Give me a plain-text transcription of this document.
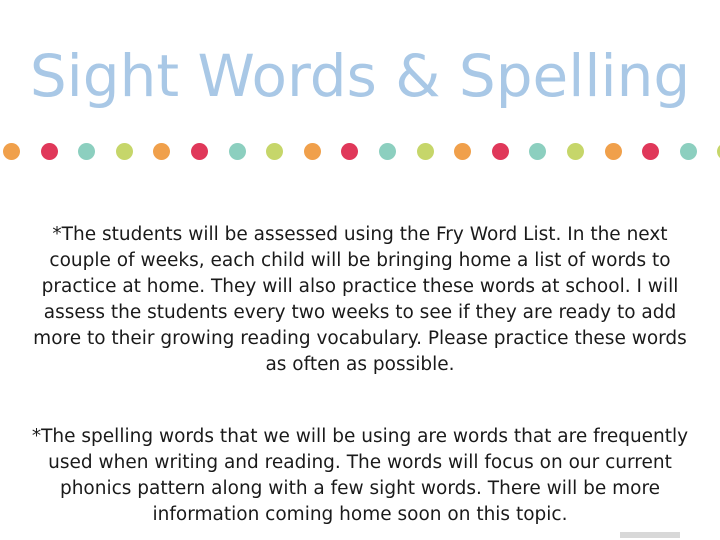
Sight Words & Spelling

*The students will be assessed using the Fry Word List. In the next couple of weeks, each child will be bringing home a list of words to practice at home. They will also practice these words at school. I will assess the students every two weeks to see if they are ready to add more to their growing reading vocabulary. Please practice these words as often as possible.

*The spelling words that we will be using are words that are frequently used when writing and reading. The words will focus on our current phonics pattern along with a few sight words. There will be more information coming home soon on this topic.
